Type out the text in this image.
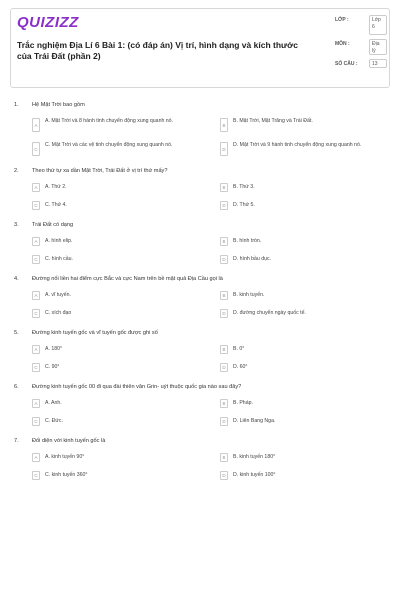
QUIZIZZ
Trắc nghiệm Địa Lí 6 Bài 1: (có đáp án) Vị trí, hình dạng và kích thước của Trái Đất (phần 2)
LỚP :	Lớp 6
MÔN :	Địa lý
SỐ CÂU :	13
1.	Hệ Mặt Trời bao gồm
A
A. Mặt Trời và 8 hành tinh chuyển động xung quanh nó.
B
B. Mặt Trời, Mặt Trăng và Trái Đất.
C
C. Mặt Trời và các vệ tinh chuyển động xung quanh nó.
D
D. Mặt Trời và 9 hành tinh chuyển động xung quanh nó.
2.	Theo thứ tự xa dần Mặt Trời, Trái Đất ở vị trí thứ mấy?
A	A. Thứ 2.	B	B. Thứ 3.
C	C. Thứ 4.	D	D. Thứ 5.
3.	Trái Đất có dạng
A	A. hình elip.	B	B. hình tròn.
C	C. hình cầu.	D	D. hình bầu dục.
4.	Đường nối liền hai điểm cực Bắc và cực Nam trên bề mặt quả Địa Cầu gọi là
A	A. vĩ tuyến.	B	B. kinh tuyến.
C	C. xích đạo	D	D. đường chuyển ngày quốc tế.
5.	Đường kinh tuyến gốc và vĩ tuyến gốc được ghi số
A	A. 180°	B	B. 0°
C	C. 90°	D	D. 60°
6.	Đường kinh tuyến gốc 00 đi qua đài thiên văn Grin- uýt thuộc quốc gia nào sau đây?
A	A. Anh.	B	B. Pháp.
C	C. Đức.	D	D. Liên Bang Nga.
7.	Đối diện với kinh tuyến gốc là
A	A. kinh tuyến 90°	B	B. kinh tuyến 180°
C	C. kinh tuyến 360°	D	D. kinh tuyến 100°
